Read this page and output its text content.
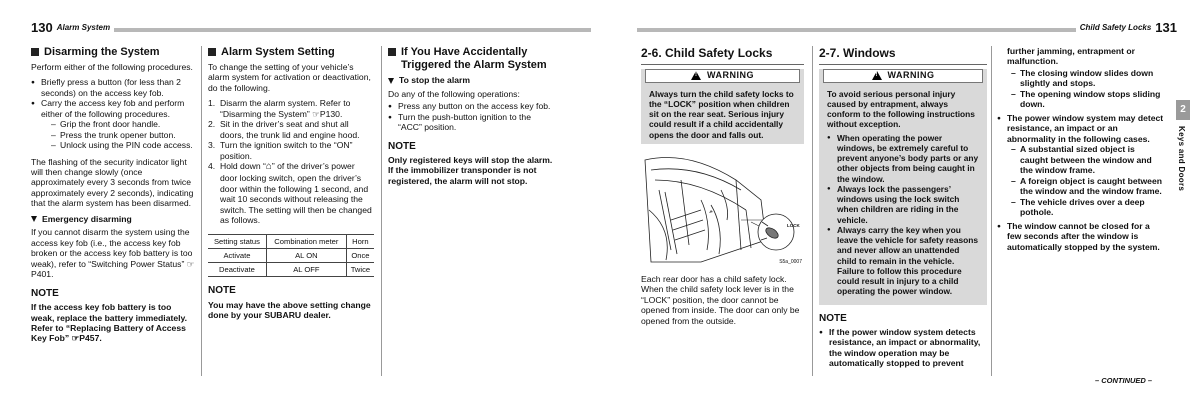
130 Alarm System
Disarming the System

Perform either of the following procedures.

● Briefly press a button (for less than 2 seconds) on the access key fob.
● Carry the access key fob and perform either of the following procedures.
– Grip the front door handle.
– Press the trunk opener button.
– Unlock using the PIN code access.

The flashing of the security indicator light will then change slowly (once approximately every 3 seconds from twice approximately every 2 seconds), indicating that the alarm system has been disarmed.

Emergency disarming

If you cannot disarm the system using the access key fob (i.e., the access key fob broken or the access key fob battery is too weak), refer to “Switching Power Status” ☞P401.

NOTE

If the access key fob battery is too weak, replace the battery immediately. Refer to “Replacing Battery of Access Key Fob” ☞P457.

Alarm System Setting

To change the setting of your vehicle’s alarm system for activation or deactivation, do the following.

1. Disarm the alarm system. Refer to “Disarming the System” ☞P130.
2. Sit in the driver’s seat and shut all doors, the trunk lid and engine hood.
3. Turn the ignition switch to the “ON” position.
4. Hold down “⌂” of the driver’s power door locking switch, open the driver’s door within the following 1 second, and wait 10 seconds without releasing the switch. The setting will then be changed as follows.
Setting status	Combination meter	Horn
Activate	AL ON	Once
Deactivate	AL OFF	Twice
NOTE

You may have the above setting change done by your SUBARU dealer.

If You Have Accidentally Triggered the Alarm System
To stop the alarm

Do any of the following operations:

● Press any button on the access key fob.
● Turn the push-button ignition to the “ACC” position.
NOTE

Only registered keys will stop the alarm. If the immobilizer transponder is not registered, the alarm will not stop.

Child Safety Locks 131
2-6. Child Safety Locks
!
WARNING
Always turn the child safety locks to the “LOCK” position when children sit on the rear seat. Serious injury could result if a child accidentally opens the door and falls out.
LOCK
S5a_0007

Each rear door has a child safety lock. When the child safety lock lever is in the “LOCK” position, the door cannot be opened from inside. The door can only be opened from the outside.

2-7. Windows
!
WARNING

To avoid serious personal injury caused by entrapment, always conform to the following instructions without exception.

● When operating the power windows, be extremely careful to prevent anyone’s body parts or any other objects from being caught in the window.
● Always lock the passengers’ windows using the lock switch when children are riding in the vehicle.
● Always carry the key when you leave the vehicle for safety reasons and never allow an unattended child to remain in the vehicle. Failure to follow this procedure could result in injury to a child operating the power window.
NOTE
● If the power window system detects resistance, an impact or abnormality, the window operation may be automatically stopped to prevent

further jamming, entrapment or malfunction.

– The closing window slides down slightly and stops.
– The opening window stops sliding down.
● The power window system may detect resistance, an impact or an abnormality in the following cases.
– A substantial sized object is caught between the window and the window frame.
– A foreign object is caught between the window and the window frame.
– The vehicle drives over a deep pothole.
● The window cannot be closed for a few seconds after the window is automatically stopped by the system.
2
Keys and Doors
– CONTINUED –
